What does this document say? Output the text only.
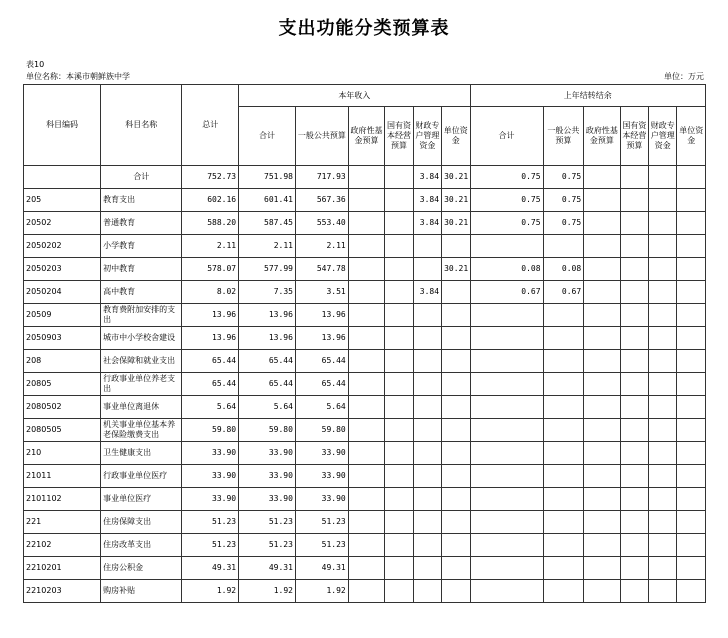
支出功能分类预算表
表10
单位名称：本溪市朝鲜族中学	单位：万元
科目编码	科目名称	总计	本年收入						上年结转结余					
			合计	一般公共预算	政府性基金预算	国有资本经营预算	财政专户管理资金	单位资金	合计	一般公共预算	政府性基金预算	国有资本经营预算	财政专户管理资金	单位资金
	合计	752.73	751.98	717.93			3.84	30.21	0.75	0.75				
205	教育支出	602.16	601.41	567.36			3.84	30.21	0.75	0.75				
20502	普通教育	588.20	587.45	553.40			3.84	30.21	0.75	0.75				
2050202	小学教育	2.11	2.11	2.11										
2050203	初中教育	578.07	577.99	547.78				30.21	0.08	0.08				
2050204	高中教育	8.02	7.35	3.51			3.84		0.67	0.67				
20509	教育费附加安排的支出	13.96	13.96	13.96										
2050903	城市中小学校舍建设	13.96	13.96	13.96										
208	社会保障和就业支出	65.44	65.44	65.44										
20805	行政事业单位养老支出	65.44	65.44	65.44										
2080502	事业单位离退休	5.64	5.64	5.64										
2080505	机关事业单位基本养老保险缴费支出	59.80	59.80	59.80										
210	卫生健康支出	33.90	33.90	33.90										
21011	行政事业单位医疗	33.90	33.90	33.90										
2101102	事业单位医疗	33.90	33.90	33.90										
221	住房保障支出	51.23	51.23	51.23										
22102	住房改革支出	51.23	51.23	51.23										
2210201	住房公积金	49.31	49.31	49.31										
2210203	购房补贴	1.92	1.92	1.92										
